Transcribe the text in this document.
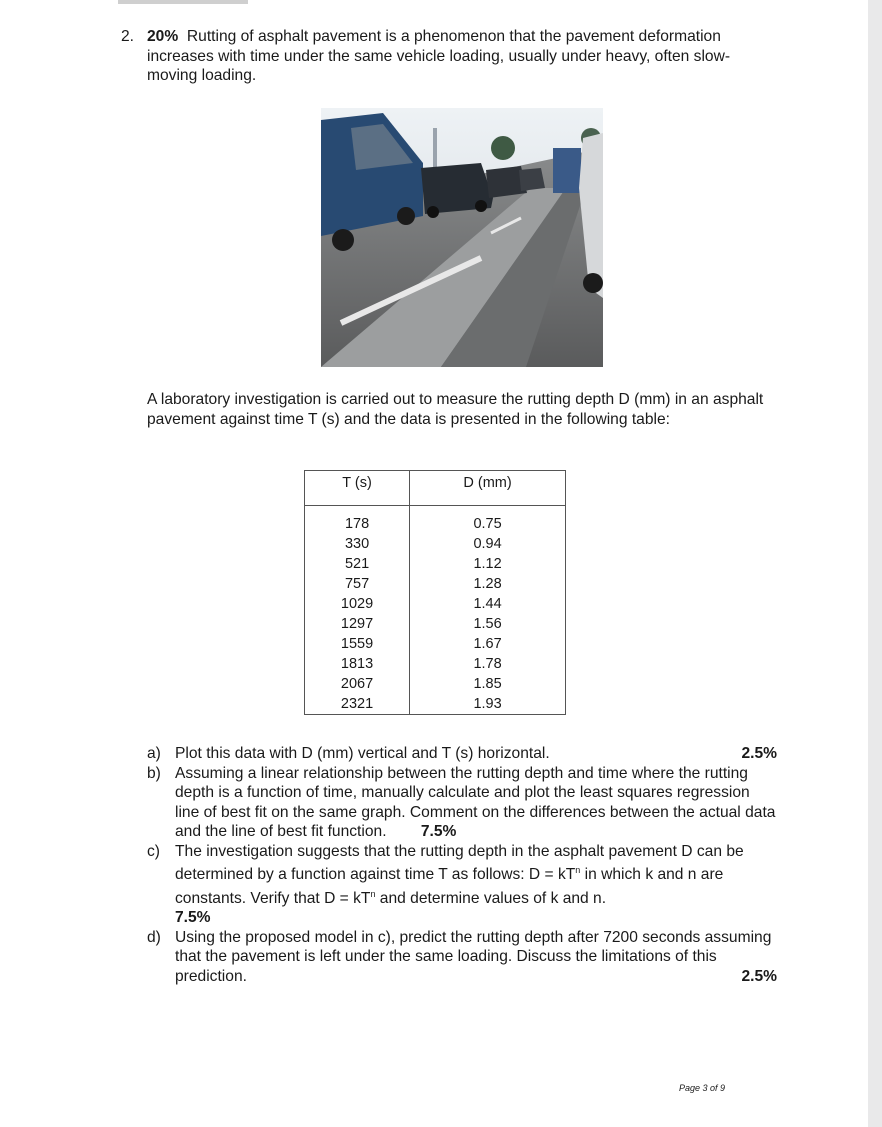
2. 20% Rutting of asphalt pavement is a phenomenon that the pavement deformation increases with time under the same vehicle loading, usually under heavy, often slow-moving loading.
A laboratory investigation is carried out to measure the rutting depth D (mm) in an asphalt pavement against time T (s) and the data is presented in the following table:
T (s)	D (mm)

178	0.75
330	0.94
521	1.12
757	1.28
1029	1.44
1297	1.56
1559	1.67
1813	1.78
2067	1.85
2321	1.93
a)	2.5%
Plot this data with D (mm) vertical and T (s) horizontal.
b) Assuming a linear relationship between the rutting depth and time where the rutting depth is a function of time, manually calculate and plot the least squares regression line of best fit on the same graph. Comment on the differences between the actual data and the line of best fit function. 7.5%
c) The investigation suggests that the rutting depth in the asphalt pavement D can be determined by a function against time T as follows: $D = kT^n$ in which k and n are constants. Verify that $D = kT^n$ and determine values of k and n.
7.5%
d) Using the proposed model in c), predict the rutting depth after 7200 seconds assuming that the pavement is left under the same loading. Discuss the limitations of this prediction.	2.5%
Page 3 of 9
